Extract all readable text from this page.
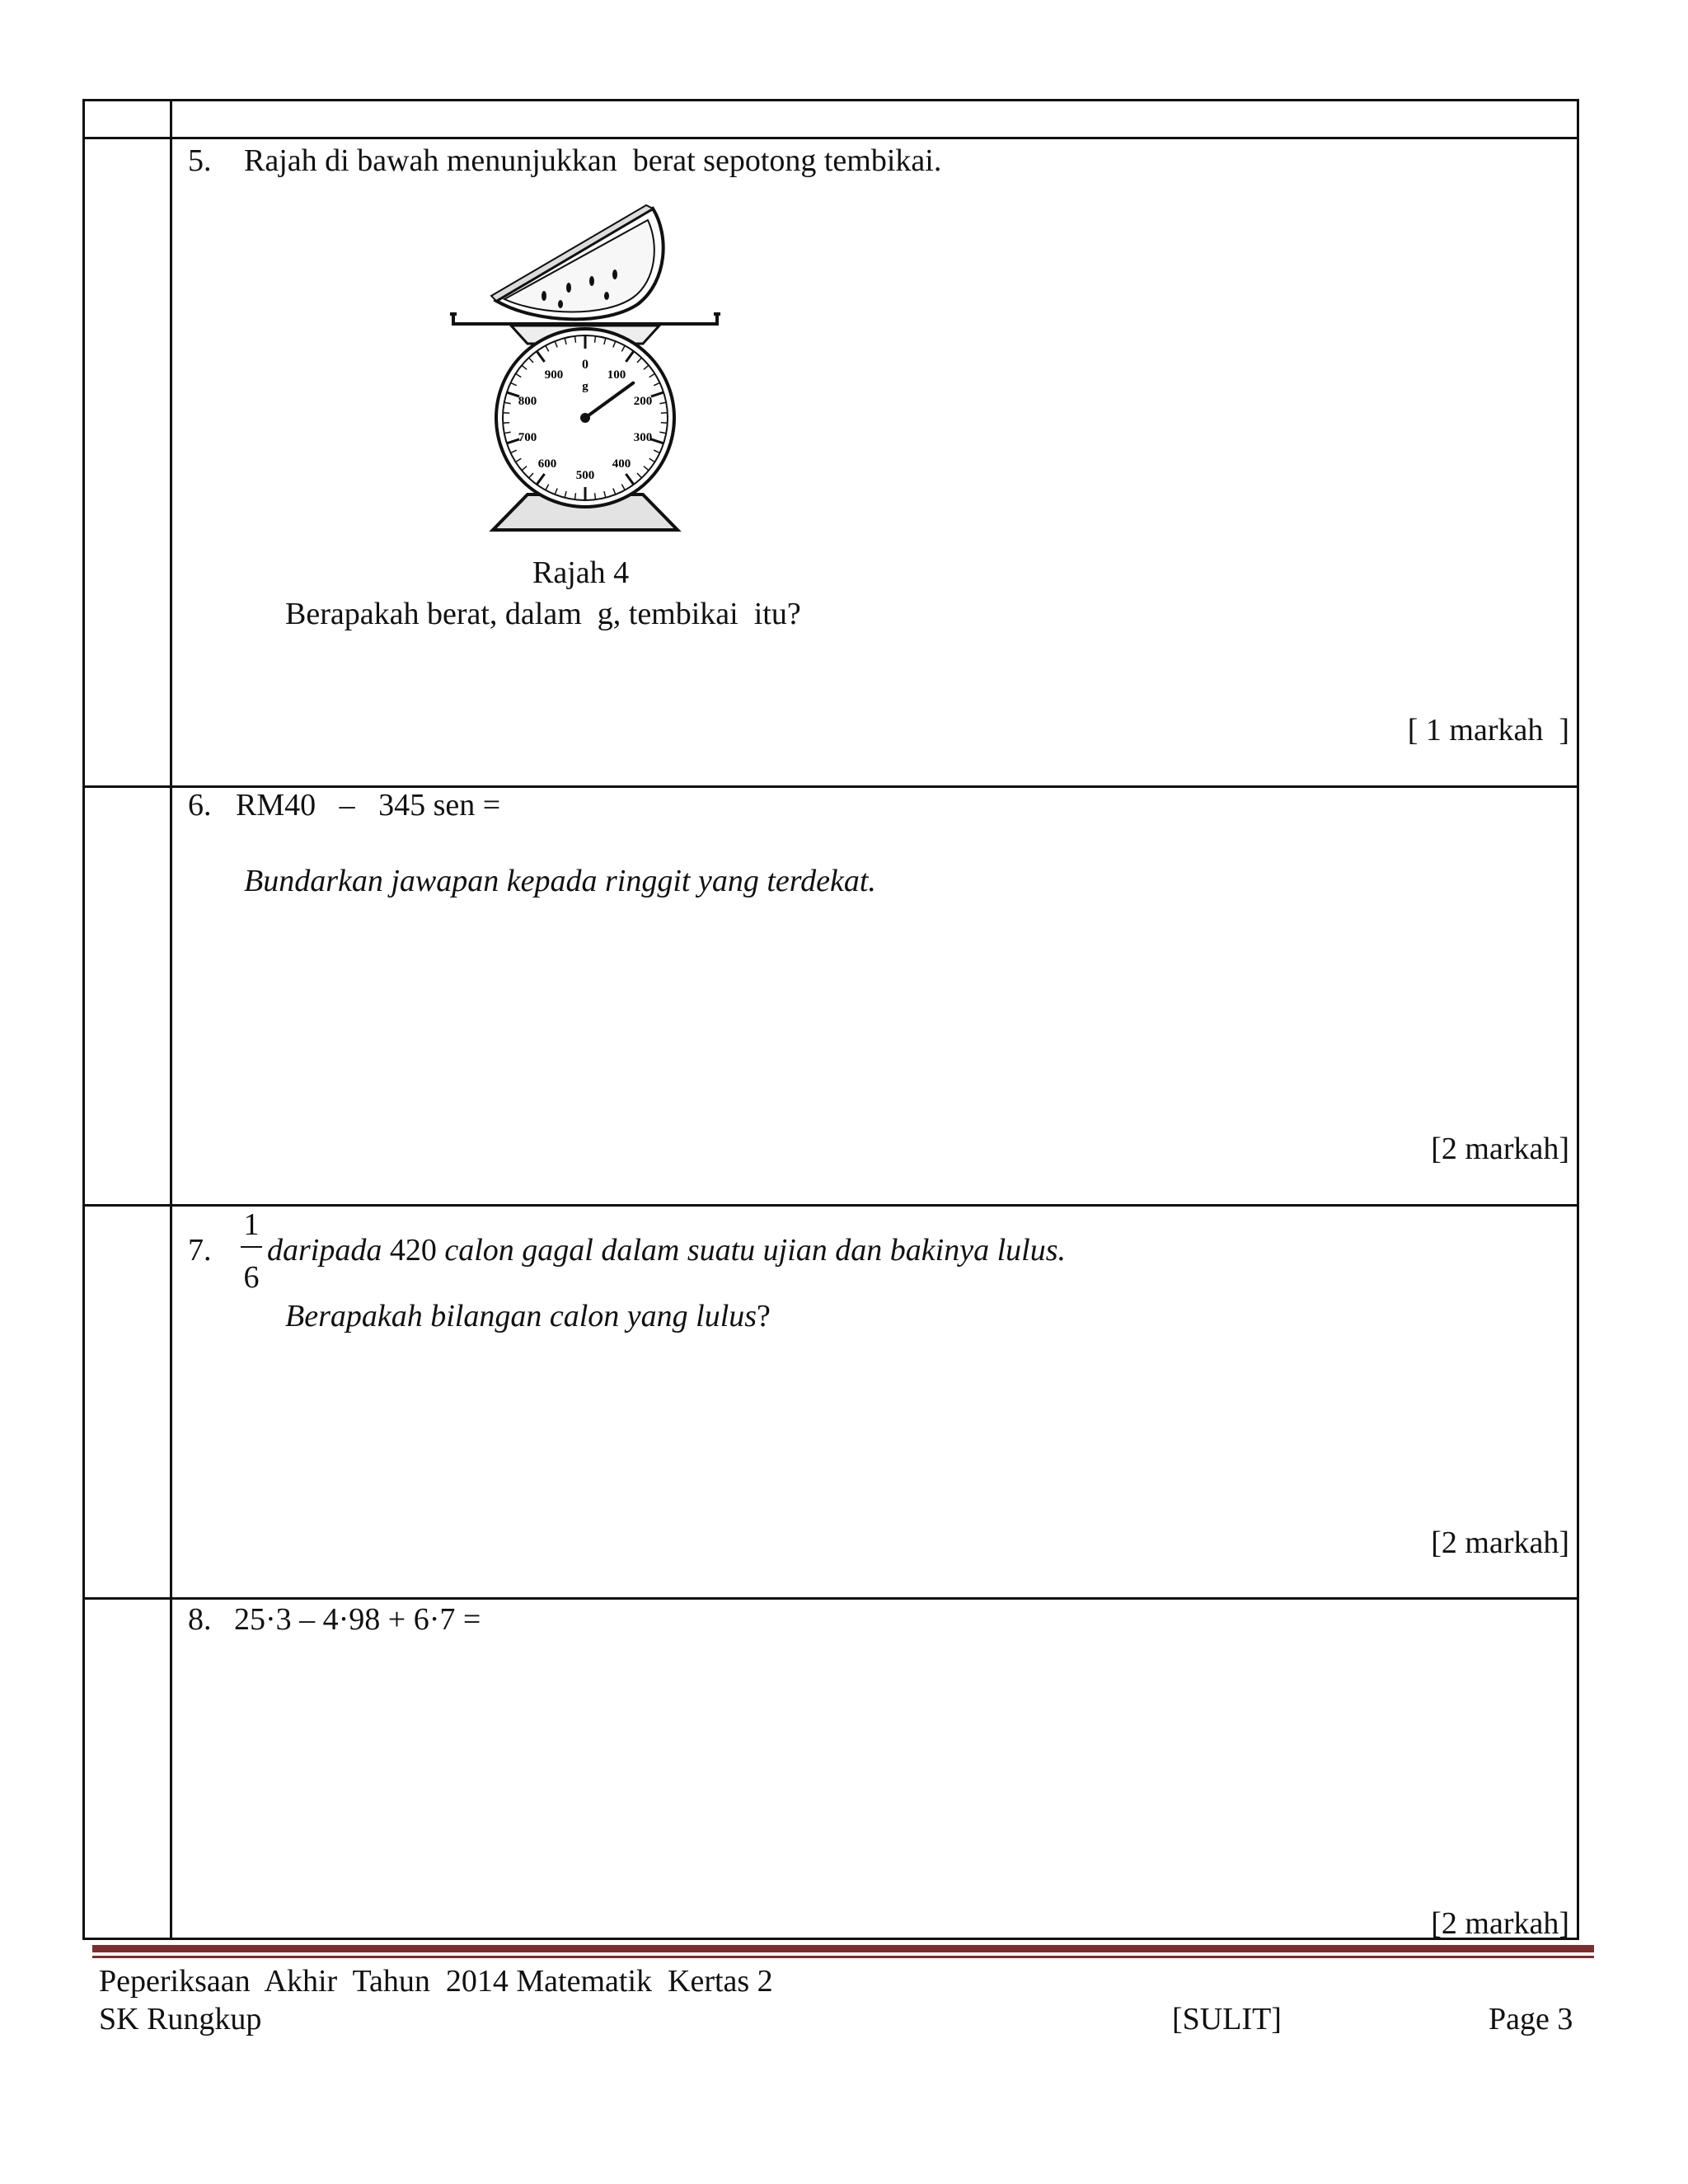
5. Rajah di bawah menunjukkan  berat sepotong tembikai.
0
100
200
300
400
500
600
700
800
900
g
Rajah 4
Berapakah berat, dalam  g, tembikai  itu?
[ 1 markah  ]
6. RM40   –   345 sen =
Bundarkan jawapan kepada ringgit yang terdekat.
[2 markah]
7.
1
6
daripada 420 calon gagal dalam suatu ujian dan bakinya lulus.
Berapakah bilangan calon yang lulus?
[2 markah]
8. 25·3 – 4·98 + 6·7 =
[2 markah]
Peperiksaan  Akhir  Tahun  2014 Matematik  Kertas 2
SK Rungkup	[SULIT]	Page 3
